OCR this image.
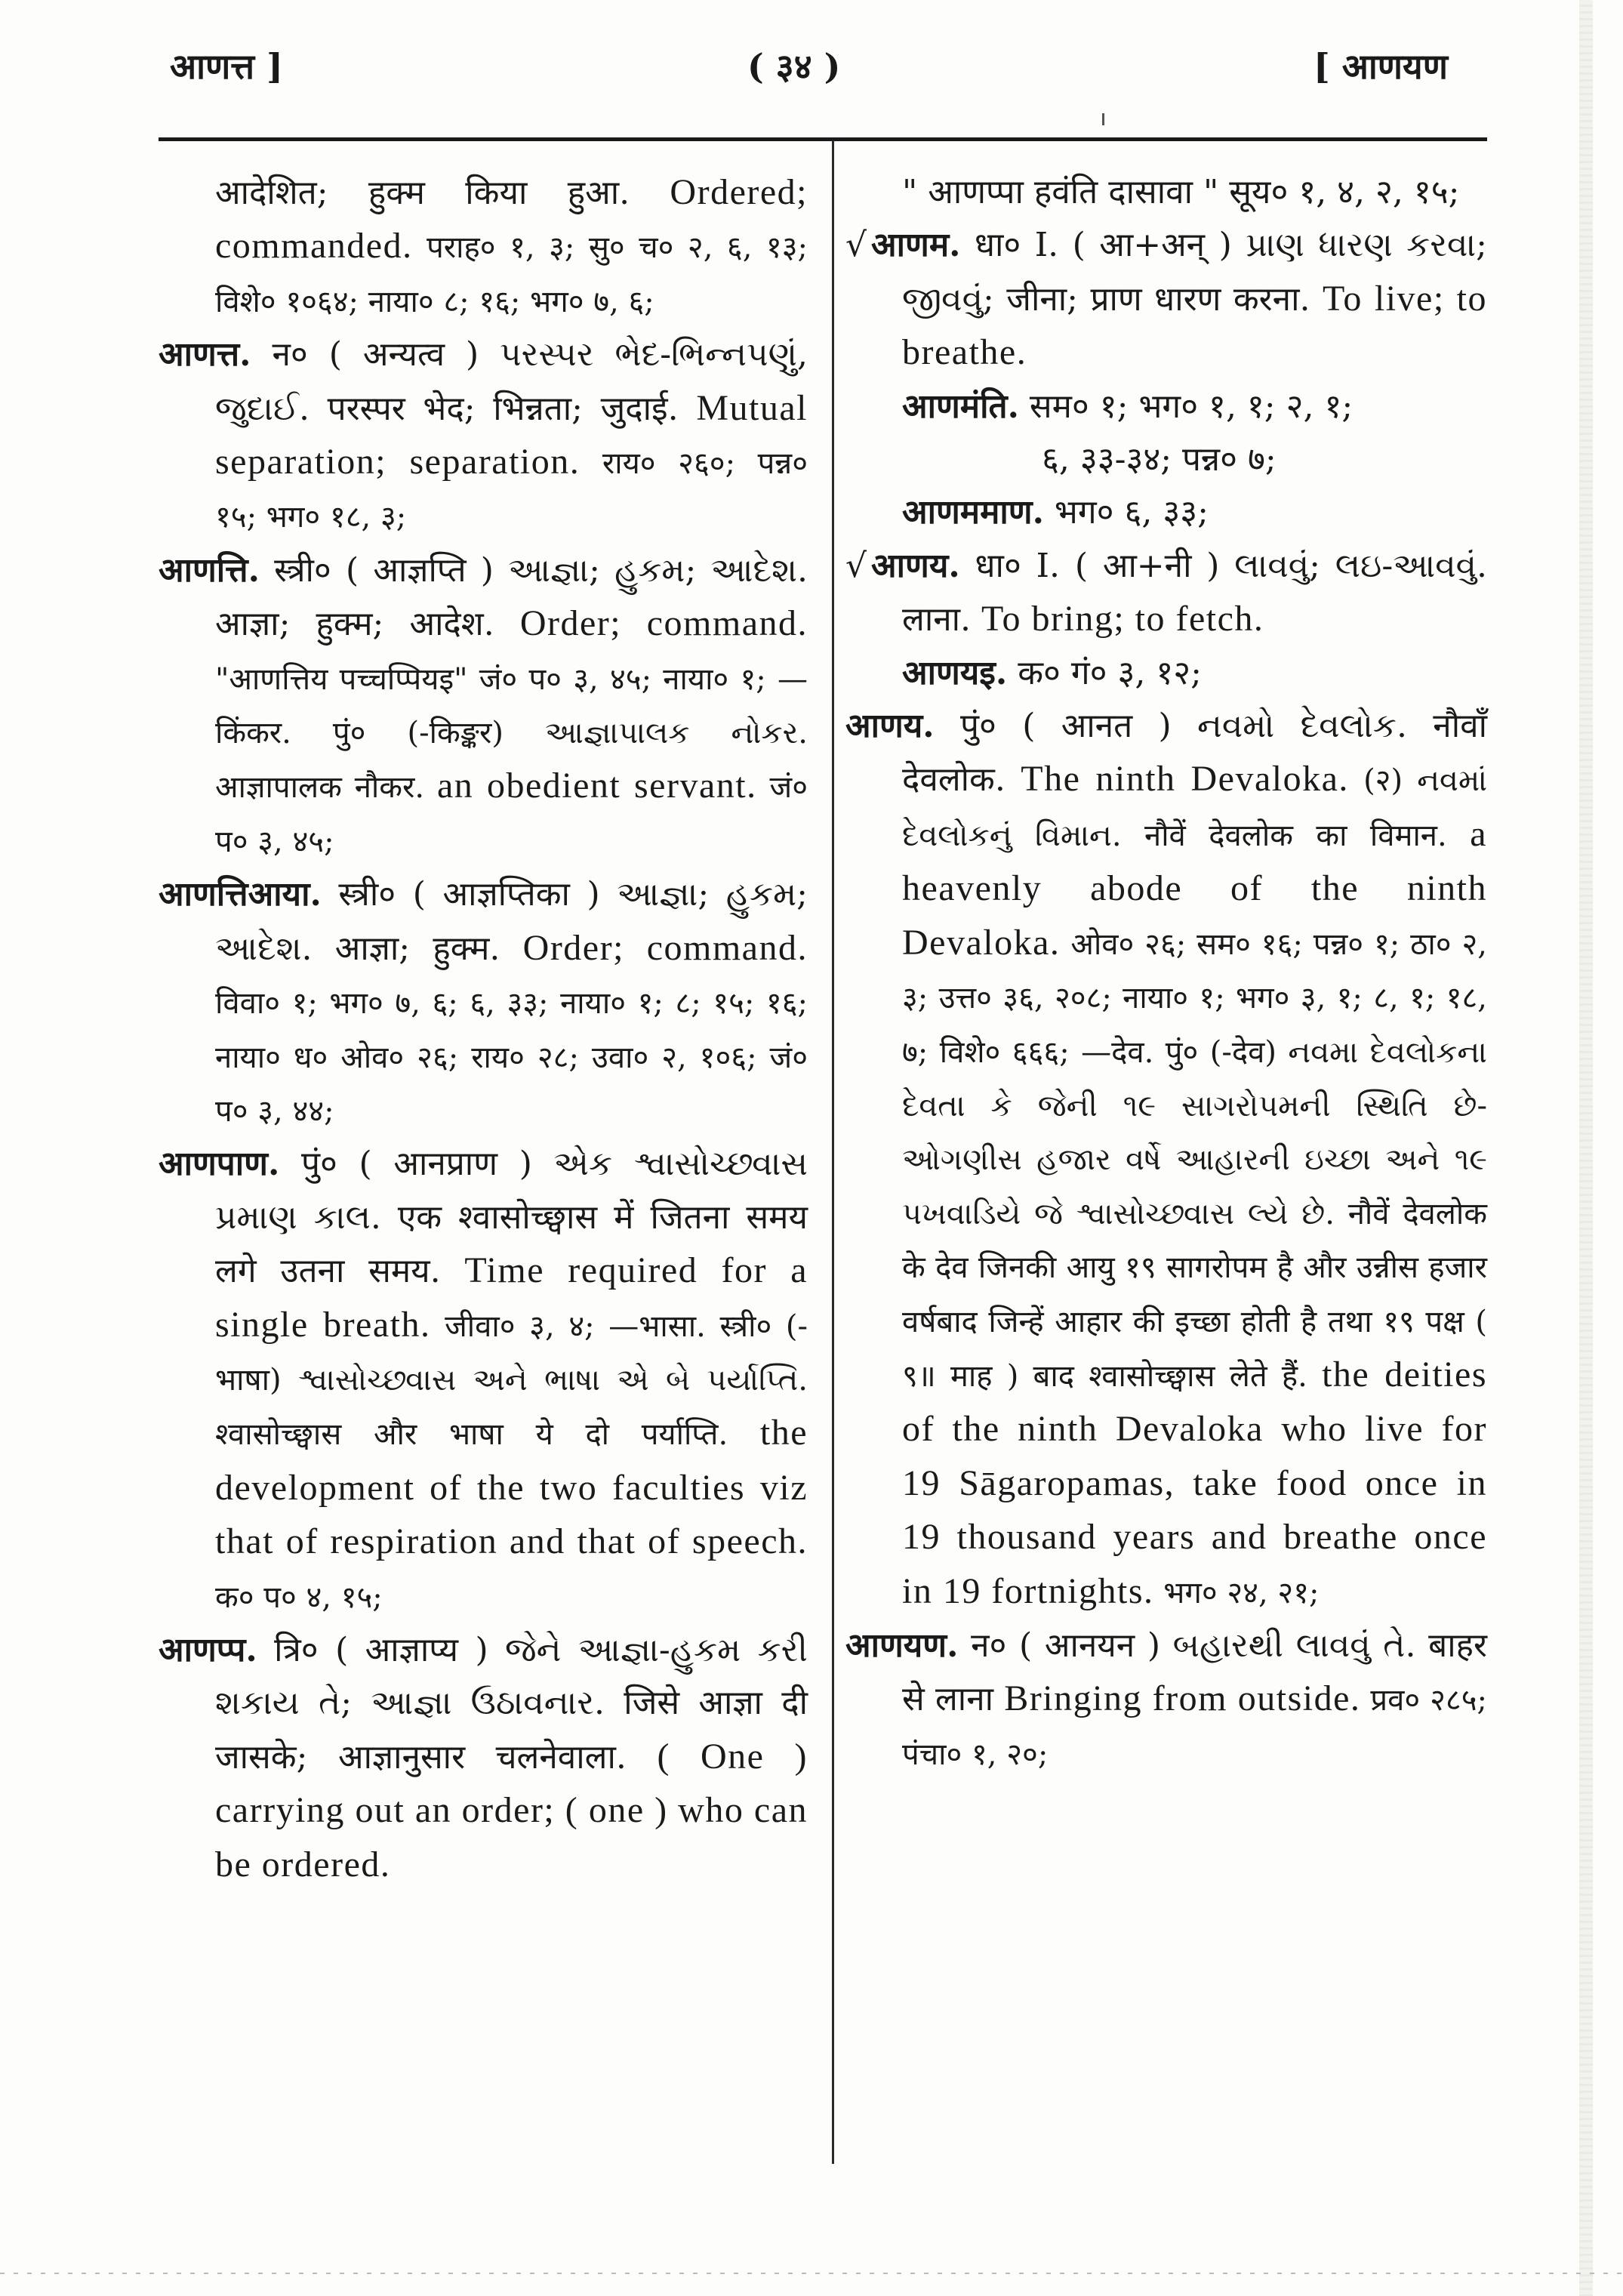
आणत्त ]	( ३४ )	[ आणयण

आदेशित; हुक्म किया हुआ. Ordered; commanded. पराह० १, ३; सु० च० २, ६, १३; विशे० १०६४; नाया० ८; १६; भग० ७, ६;

आणत्त. न० ( अन्यत्व ) પરસ્પર ભેદ-ભિન્નપણું, જુદાઈ. परस्पर भेद; भिन्नता; जुदाई. Mutual separation; separation. राय० २६०; पन्न० १५; भग० १८, ३;

आणत्ति. स्त्री० ( आज्ञप्ति ) આજ્ઞા; હુકમ; આદેશ. आज्ञा; हुक्म; आदेश. Order; command. "आणत्तिय पच्चप्पियइ" जं० प० ३, ४५; नाया० १; —किंकर. पुं० (-किङ्कर) આજ્ઞાપાલક નોકર. आज्ञापालक नौकर. an obedient servant. जं० प० ३, ४५;

आणत्तिआया. स्त्री० ( आज्ञप्तिका ) આજ્ઞા; હુકમ; આદેશ. आज्ञा; हुक्म. Order; command. विवा० १; भग० ७, ६; ६, ३३; नाया० १; ८; १५; १६; नाया० ध० ओव० २६; राय० २८; उवा० २, १०६; जं० प० ३, ४४;

आणपाण. पुं० ( आनप्राण ) એક શ્વાસોચ્છ્વાસ પ્રમાણ કાલ. एक श्वासोच्छ्वास में जितना समय लगे उतना समय. Time required for a single breath. जीवा० ३, ४; —भासा. स्त्री० (-भाषा) શ્વાસોચ્છ્વાસ અને ભાષા એ બે પર્યાપ્તિ. श्वासोच्छ्वास और भाषा ये दो पर्याप्ति. the development of the two faculties viz that of respiration and that of speech. क० प० ४, १५;

आणप्प. त्रि० ( आज्ञाप्य ) જેને આજ્ઞા-હુકમ કરી શકાય તે; આજ્ઞા ઉઠાવનાર. जिसे आज्ञा दी जासके; आज्ञानुसार चलनेवाला. ( One ) carrying out an order; ( one ) who can be ordered.

" आणप्पा हवंति दासावा " सूय० १, ४, २, १५;

√ आणम. धा० I. ( आ+अन् ) પ્રાણ ધારણ કરવા; જીવવું; जीना; प्राण धारण करना. To live; to breathe.

आणमंति. सम० १; भग० १, १; २, १;

६, ३३-३४; पन्न० ७;

आणममाण. भग० ६, ३३;

√ आणय. धा० I. ( आ+नी ) લાવવું; લઇ-આવવું. लाना. To bring; to fetch.

आणयइ. क० गं० ३, १२;

आणय. पुं० ( आनत ) નવમો દેવલોક. नौवाँ देवलोक. The ninth Devaloka. (२) નવમાં દેવલોકનું વિમાન. नौवें देवलोक का विमान. a heavenly abode of the ninth Devaloka. ओव० २६; सम० १६; पन्न० १; ठा० २, ३; उत्त० ३६, २०८; नाया० १; भग० ३, १; ८, १; १८, ७; विशे० ६६६; —देव. पुं० (-देव) નવમા દેવલોકના દેવતા કે જેની ૧૯ સાગરોપમની સ્થિતિ છે-ઓગણીસ હજાર વર્ષે આહારની ઇચ્છા અને ૧૯ પખવાડિયે જે શ્વાસોચ્છ્વાસ લ્યે છે. नौवें देवलोक के देव जिनकी आयु १९ सागरोपम है और उन्नीस हजार वर्षबाद जिन्हें आहार की इच्छा होती है तथा १९ पक्ष ( ९॥ माह ) बाद श्वासोच्छ्वास लेते हैं. the deities of the ninth Devaloka who live for 19 Sāgaropamas, take food once in 19 thousand years and breathe once in 19 fortnights. भग० २४, २१;

आणयण. न० ( आनयन ) બહારથી લાવવું તે. बाहर से लाना Bringing from outside. प्रव० २८५; पंचा० १, २०;
